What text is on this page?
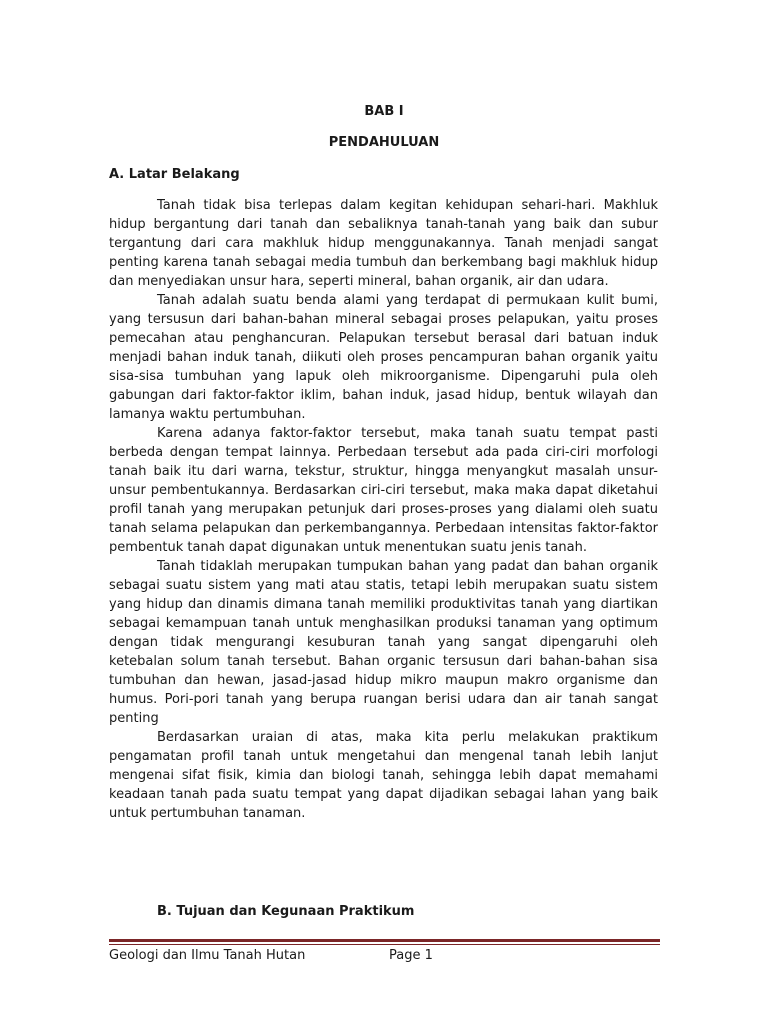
BAB I
PENDAHULUAN
A. Latar Belakang

Tanah tidak bisa terlepas dalam kegitan kehidupan sehari-hari. Makhluk hidup bergantung dari tanah dan sebaliknya tanah-tanah yang baik dan subur tergantung dari cara makhluk hidup menggunakannya. Tanah menjadi sangat penting karena tanah sebagai media tumbuh dan berkembang bagi makhluk hidup dan menyediakan unsur hara, seperti mineral, bahan organik, air dan udara.

Tanah adalah suatu benda alami yang terdapat di permukaan kulit bumi, yang tersusun dari bahan-bahan mineral sebagai proses pelapukan, yaitu proses pemecahan atau penghancuran. Pelapukan tersebut berasal dari batuan induk menjadi bahan induk tanah, diikuti oleh proses pencampuran bahan organik yaitu sisa-sisa tumbuhan yang lapuk oleh mikroorganisme. Dipengaruhi pula oleh gabungan dari faktor-faktor iklim, bahan induk, jasad hidup, bentuk wilayah dan lamanya waktu pertumbuhan.

Karena adanya faktor-faktor tersebut, maka tanah suatu tempat pasti berbeda dengan tempat lainnya. Perbedaan tersebut ada pada ciri-ciri morfologi tanah baik itu dari warna, tekstur, struktur, hingga menyangkut masalah unsur-unsur pembentukannya. Berdasarkan ciri-ciri tersebut, maka maka dapat diketahui profil tanah yang merupakan petunjuk dari proses-proses yang dialami oleh suatu tanah selama pelapukan dan perkembangannya. Perbedaan intensitas faktor-faktor pembentuk tanah dapat digunakan untuk menentukan suatu jenis tanah.

Tanah tidaklah merupakan tumpukan bahan yang padat dan bahan organik sebagai suatu sistem yang mati atau statis, tetapi lebih merupakan suatu sistem yang hidup dan dinamis dimana tanah memiliki produktivitas tanah yang diartikan sebagai kemampuan tanah untuk menghasilkan produksi tanaman yang optimum dengan tidak mengurangi kesuburan tanah yang sangat dipengaruhi oleh ketebalan solum tanah tersebut. Bahan organic tersusun dari bahan-bahan sisa tumbuhan dan hewan, jasad-jasad hidup mikro maupun makro organisme dan humus. Pori-pori tanah yang berupa ruangan berisi udara dan air tanah sangat penting

Berdasarkan uraian di atas, maka kita perlu melakukan praktikum pengamatan profil tanah untuk mengetahui dan mengenal tanah lebih lanjut mengenai sifat fisik, kimia dan biologi tanah, sehingga lebih dapat memahami keadaan tanah pada suatu tempat yang dapat dijadikan sebagai lahan yang baik untuk pertumbuhan tanaman.

B. Tujuan dan Kegunaan Praktikum

Geologi dan Ilmu Tanah Hutan	Page 1
